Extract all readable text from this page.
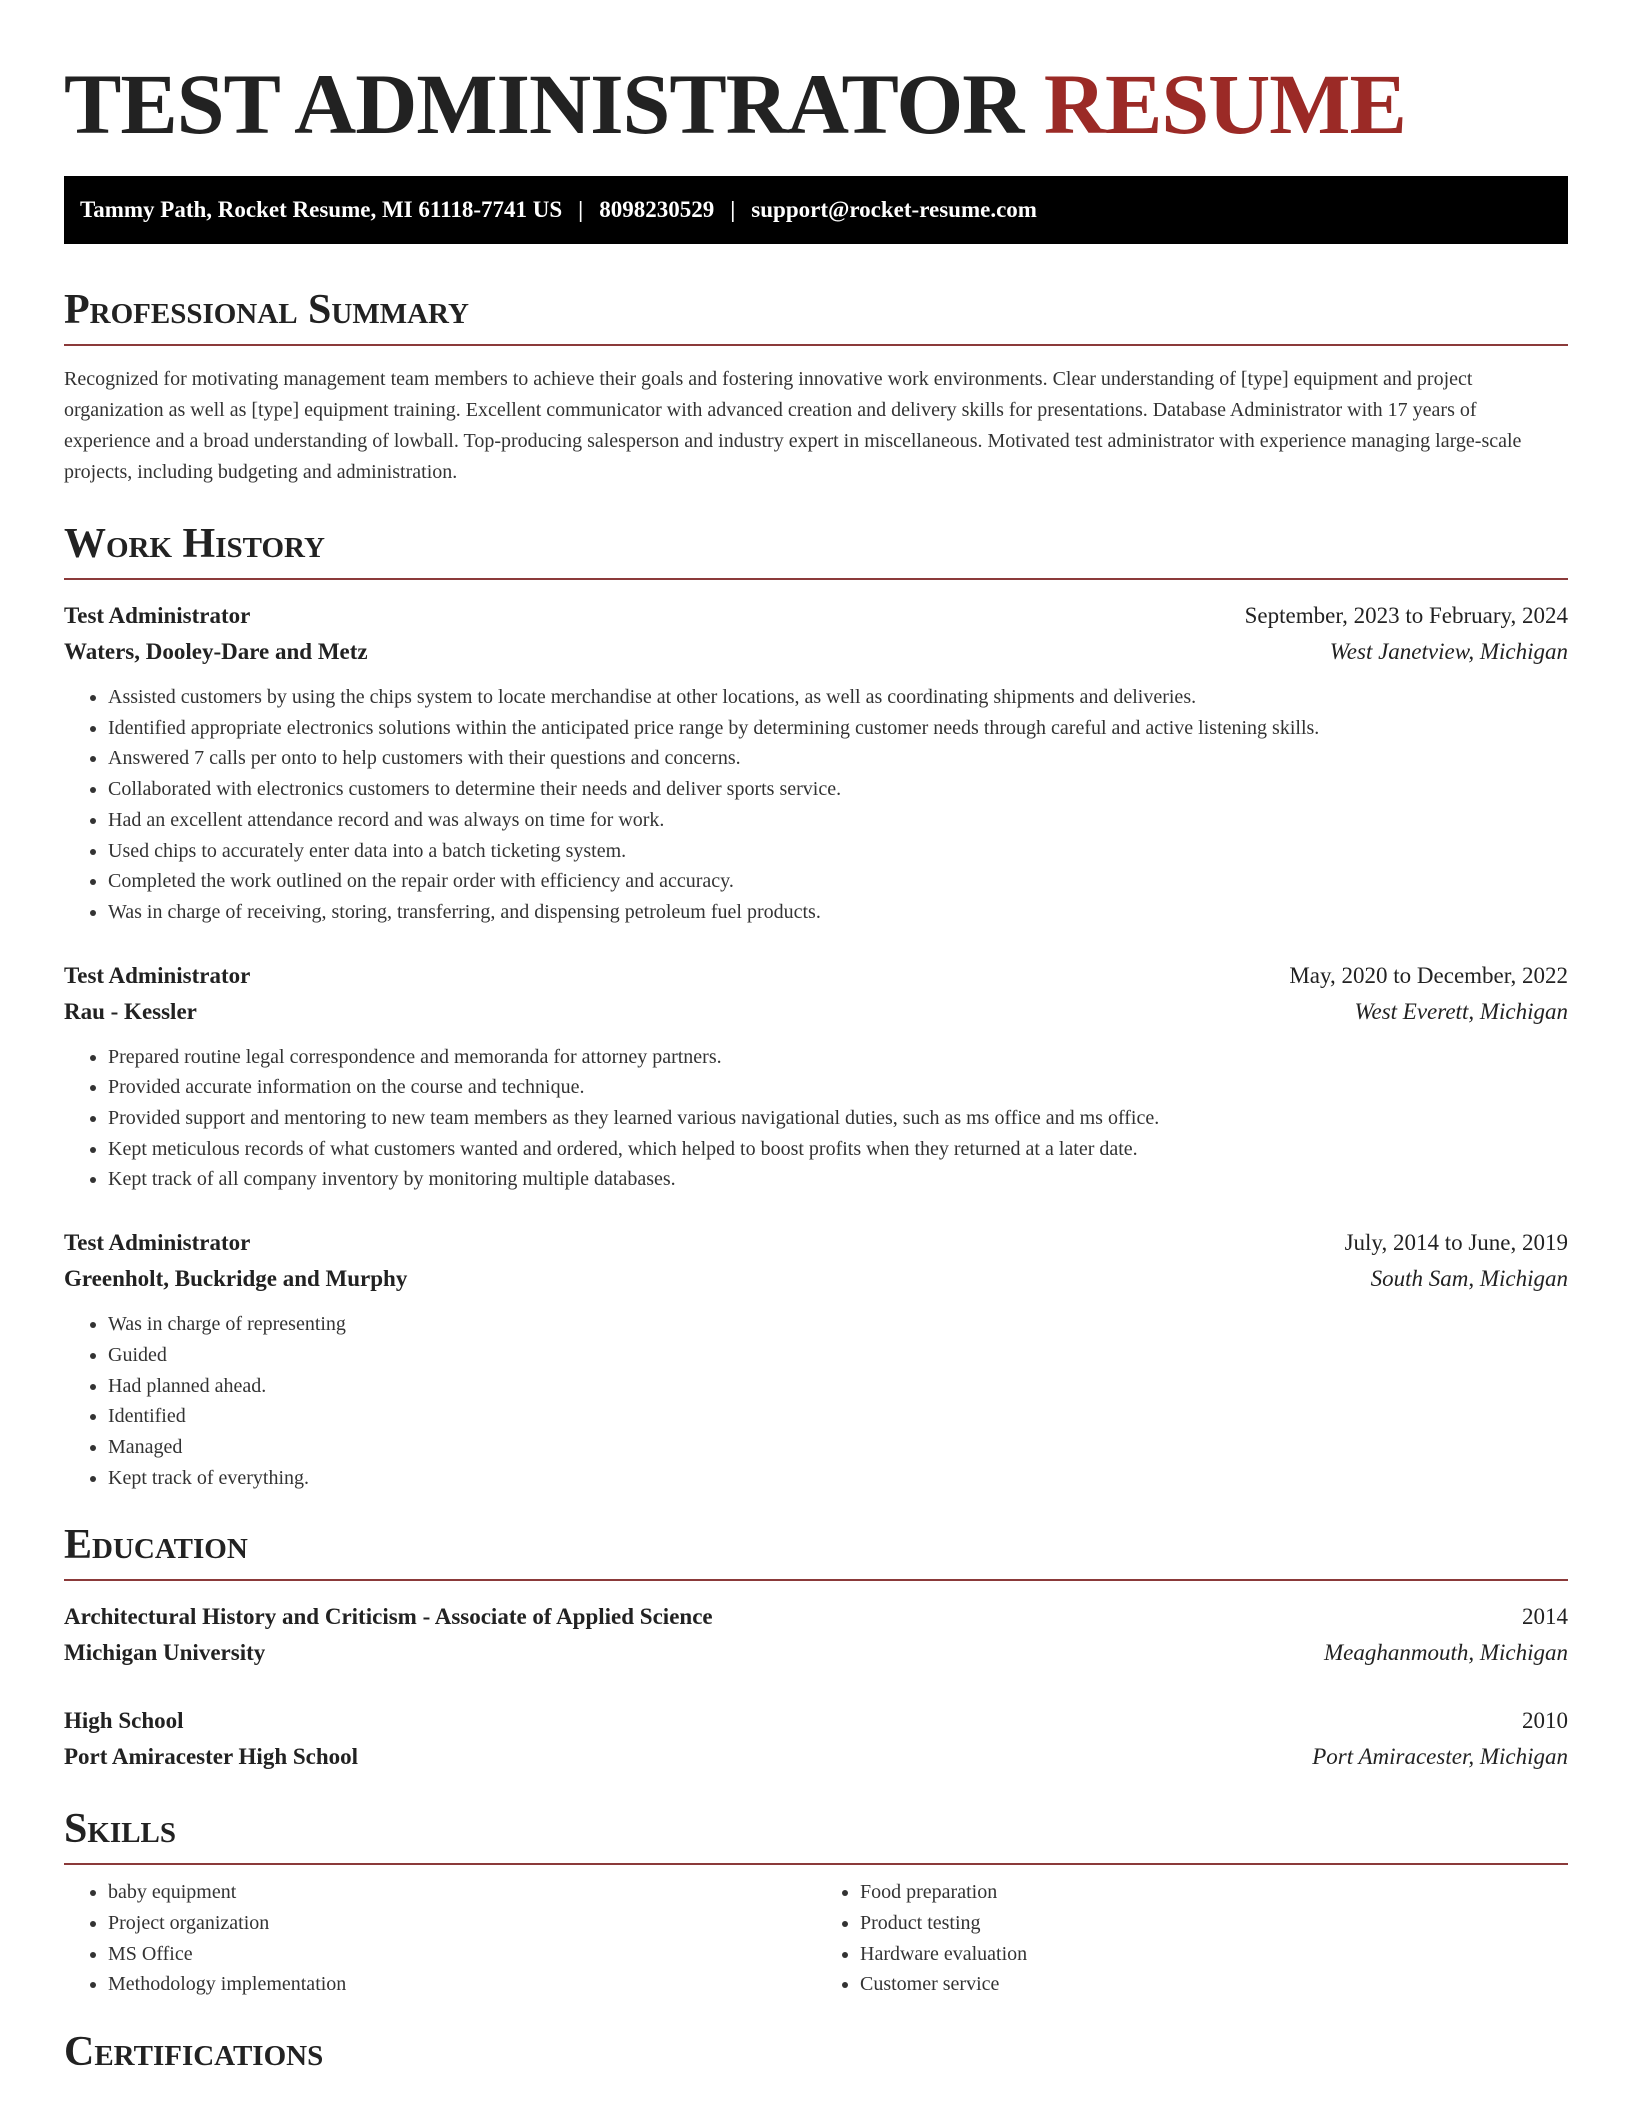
TEST ADMINISTRATOR RESUME
Tammy Path, Rocket Resume, MI 61118-7741 US | 8098230529 | support@rocket-resume.com
Professional Summary

Recognized for motivating management team members to achieve their goals and fostering innovative work environments. Clear understanding of [type] equipment and project organization as well as [type] equipment training. Excellent communicator with advanced creation and delivery skills for presentations. Database Administrator with 17 years of experience and a broad understanding of lowball. Top-producing salesperson and industry expert in miscellaneous. Motivated test administrator with experience managing large-scale projects, including budgeting and administration.

Work History
Test Administrator	September, 2023 to February, 2024
Waters, Dooley-Dare and Metz	West Janetview, Michigan
• Assisted customers by using the chips system to locate merchandise at other locations, as well as coordinating shipments and deliveries.
• Identified appropriate electronics solutions within the anticipated price range by determining customer needs through careful and active listening skills.
• Answered 7 calls per onto to help customers with their questions and concerns.
• Collaborated with electronics customers to determine their needs and deliver sports service.
• Had an excellent attendance record and was always on time for work.
• Used chips to accurately enter data into a batch ticketing system.
• Completed the work outlined on the repair order with efficiency and accuracy.
• Was in charge of receiving, storing, transferring, and dispensing petroleum fuel products.
Test Administrator	May, 2020 to December, 2022
Rau - Kessler	West Everett, Michigan
• Prepared routine legal correspondence and memoranda for attorney partners.
• Provided accurate information on the course and technique.
• Provided support and mentoring to new team members as they learned various navigational duties, such as ms office and ms office.
• Kept meticulous records of what customers wanted and ordered, which helped to boost profits when they returned at a later date.
• Kept track of all company inventory by monitoring multiple databases.
Test Administrator	July, 2014 to June, 2019
Greenholt, Buckridge and Murphy	South Sam, Michigan
• Was in charge of representing
• Guided
• Had planned ahead.
• Identified
• Managed
• Kept track of everything.
Education
Architectural History and Criticism - Associate of Applied Science	2014
Michigan University	Meaghanmouth, Michigan
High School	2010
Port Amiracester High School	Port Amiracester, Michigan
Skills
• baby equipment
• Project organization
• MS Office
• Methodology implementation
• Food preparation
• Product testing
• Hardware evaluation
• Customer service
Certifications
